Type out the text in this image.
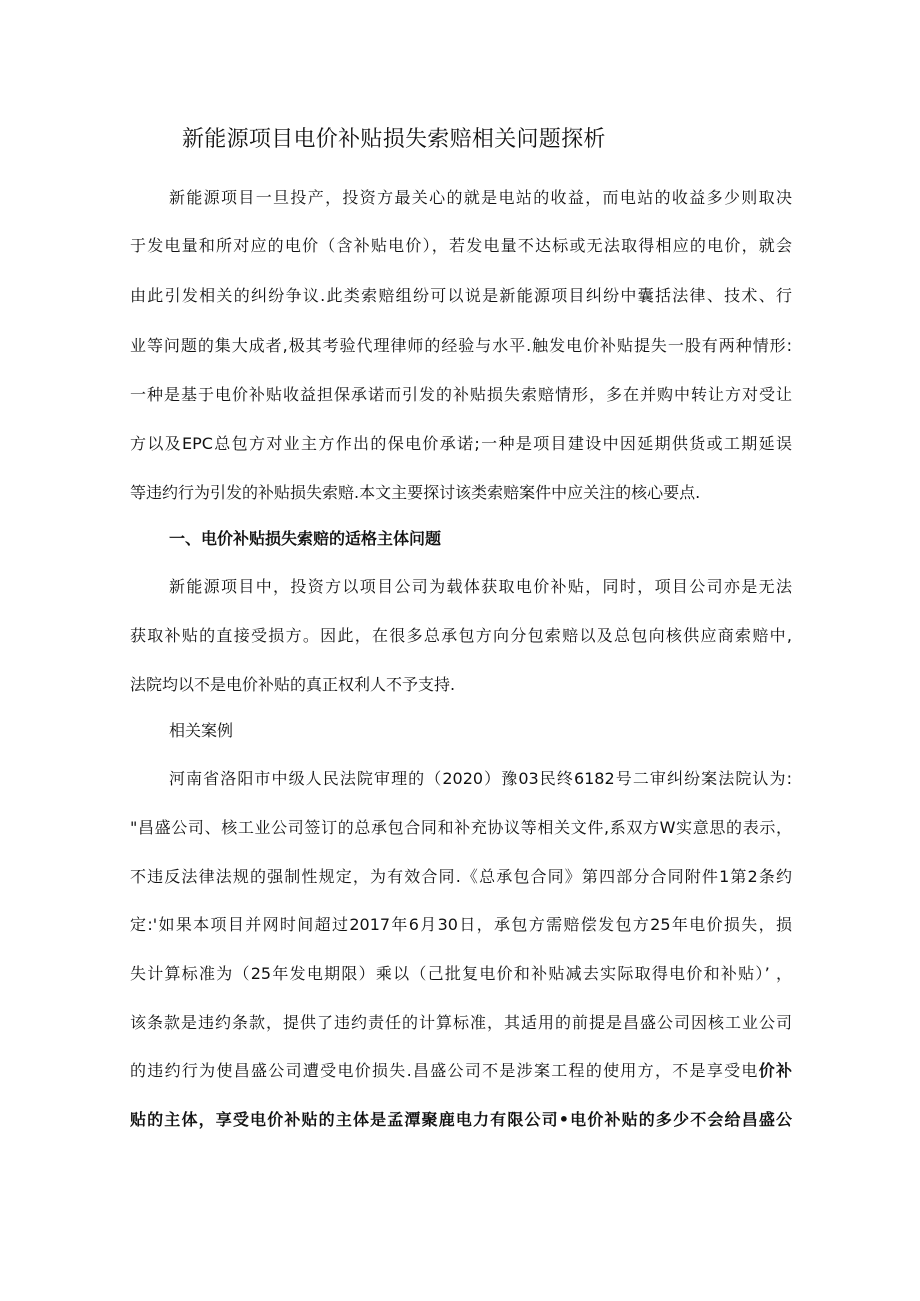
新能源项目电价补贴损失索赔相关问题探析
新能源项目一旦投产，投资方最关心的就是电站的收益，而电站的收益多少则取决
于发电量和所对应的电价（含补贴电价），若发电量不达标或无法取得相应的电价，就会
由此引发相关的纠纷争议.此类索赔组纷可以说是新能源项目纠纷中囊括法律、技术、行
业等问题的集大成者,极其考验代理律师的经验与水平.触发电价补贴提失一股有两种情形:
一种是基于电价补贴收益担保承诺而引发的补贴损失索赔情形，多在并购中转让方对受让
方以及EPC总包方对业主方作出的保电价承诺;一种是项目建设中因延期供货或工期延误
等违约行为引发的补贴损失索赔.本文主要探讨该类索赔案件中应关注的核心要点.
一、电价补贴损失索赔的适格主体问题
新能源项目中，投资方以项目公司为载体获取电价补贴，同时，项目公司亦是无法
获取补贴的直接受损方。因此，在很多总承包方向分包索赔以及总包向核供应商索赔中,
法院均以不是电价补贴的真正权利人不予支持.
相关案例
河南省洛阳市中级人民法院审理的（2020）豫03民终6182号二审纠纷案法院认为:
"昌盛公司、核工业公司签订的总承包合同和补充协议等相关文件,系双方W实意思的表示，
不违反法律法规的强制性规定，为有效合同.《总承包合同》第四部分合同附件1第2条约
定:'如果本项目并网时间超过2017年6月30日，承包方需赔偿发包方25年电价损失，损
失计算标准为（25年发电期限）乘以（己批复电价和补贴减去实际取得电价和补贴）’ ，
该条款是违约条款，提供了违约责任的计算标准，其适用的前提是昌盛公司因核工业公司
的违约行为使昌盛公司遭受电价损失.昌盛公司不是涉案工程的使用方，不是享受电价补
贴的主体，享受电价补贴的主体是孟潭聚鹿电力有限公司•电价补贴的多少不会给昌盛公
